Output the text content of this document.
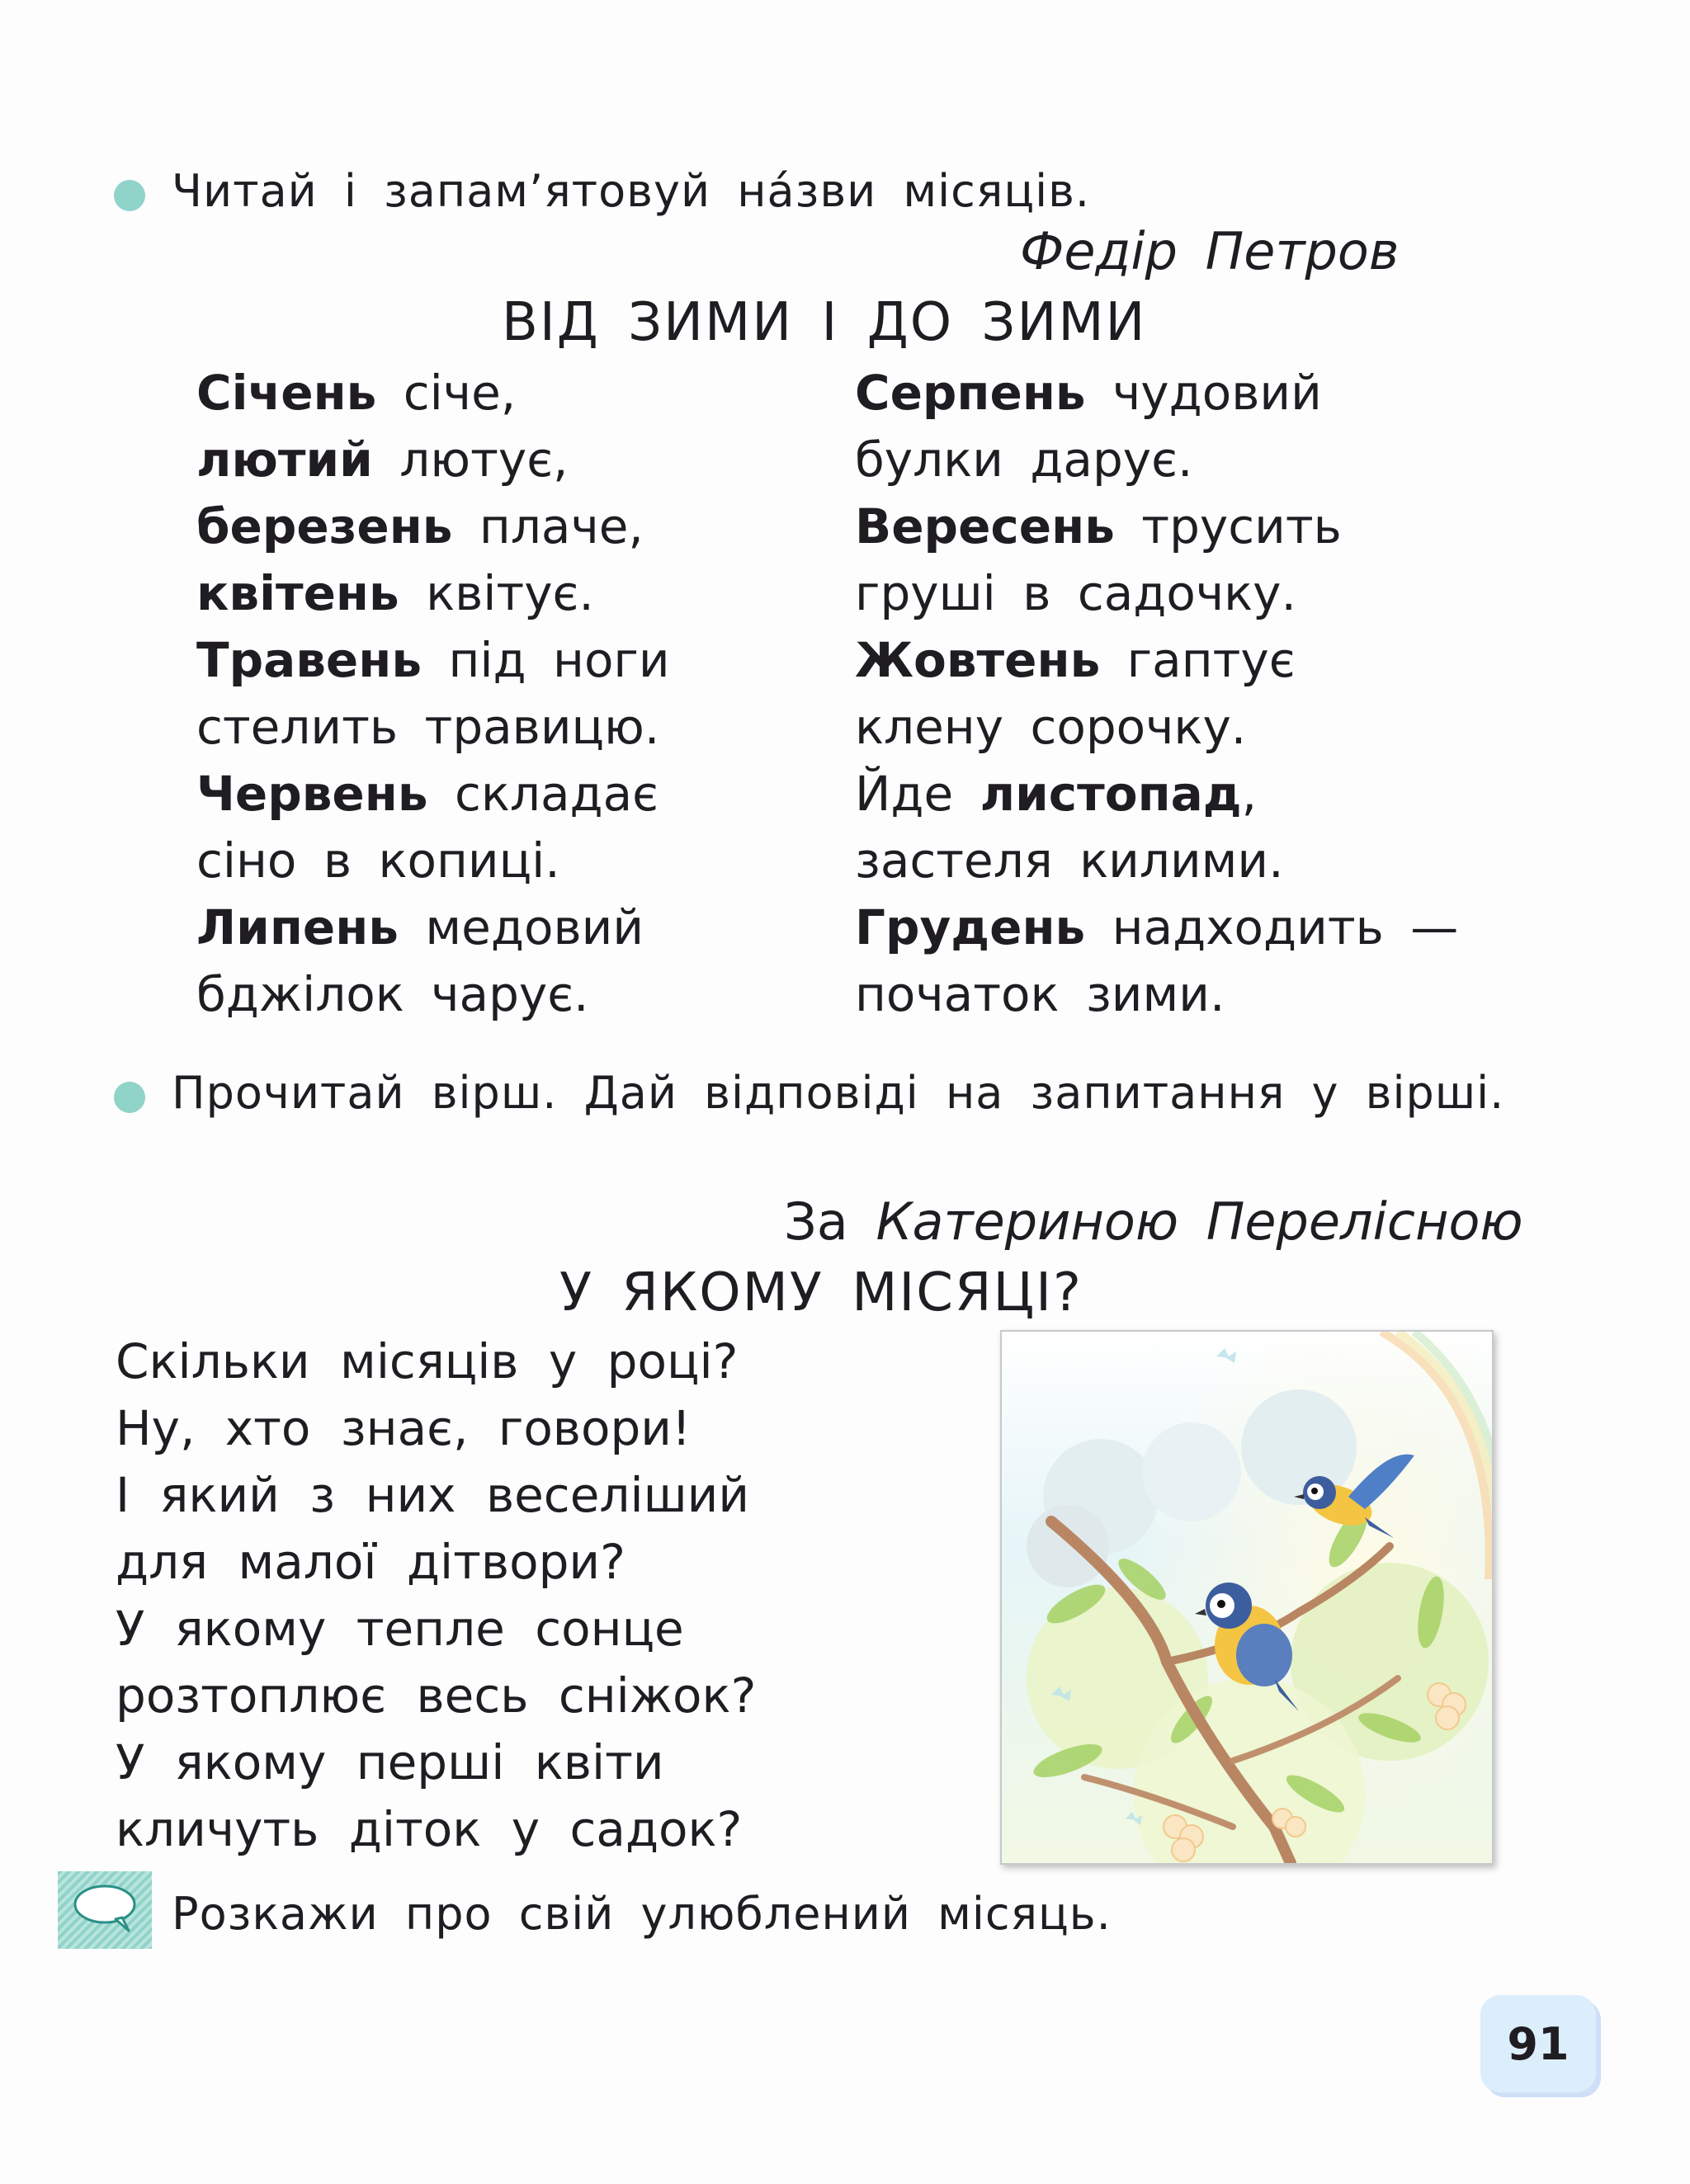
Читай і запам’ятовуй на́зви місяців.
Федір Петров
ВІД ЗИМИ І ДО ЗИМИ
Січень січе,
лютий лютує,
березень плаче,
квітень квітує.
Травень під ноги
стелить травицю.
Червень складає
сіно в копиці.
Липень медовий
бджілок чарує.
Серпень чудовий
булки дарує.
Вересень трусить
груші в садочку.
Жовтень гаптує
клену сорочку.
Йде листопад,
застеля килими.
Грудень надходить —
початок зими.
Прочитай вірш. Дай відповіді на запитання у вірші.
За Катериною Перелісною
У ЯКОМУ МІСЯЦІ?
Скільки місяців у році?
Ну, хто знає, говори!
І який з них веселіший
для малої дітвори?
У якому тепле сонце
розтоплює весь сніжок?
У якому перші квіти
кличуть діток у садок?
Розкажи про свій улюблений місяць.
91
